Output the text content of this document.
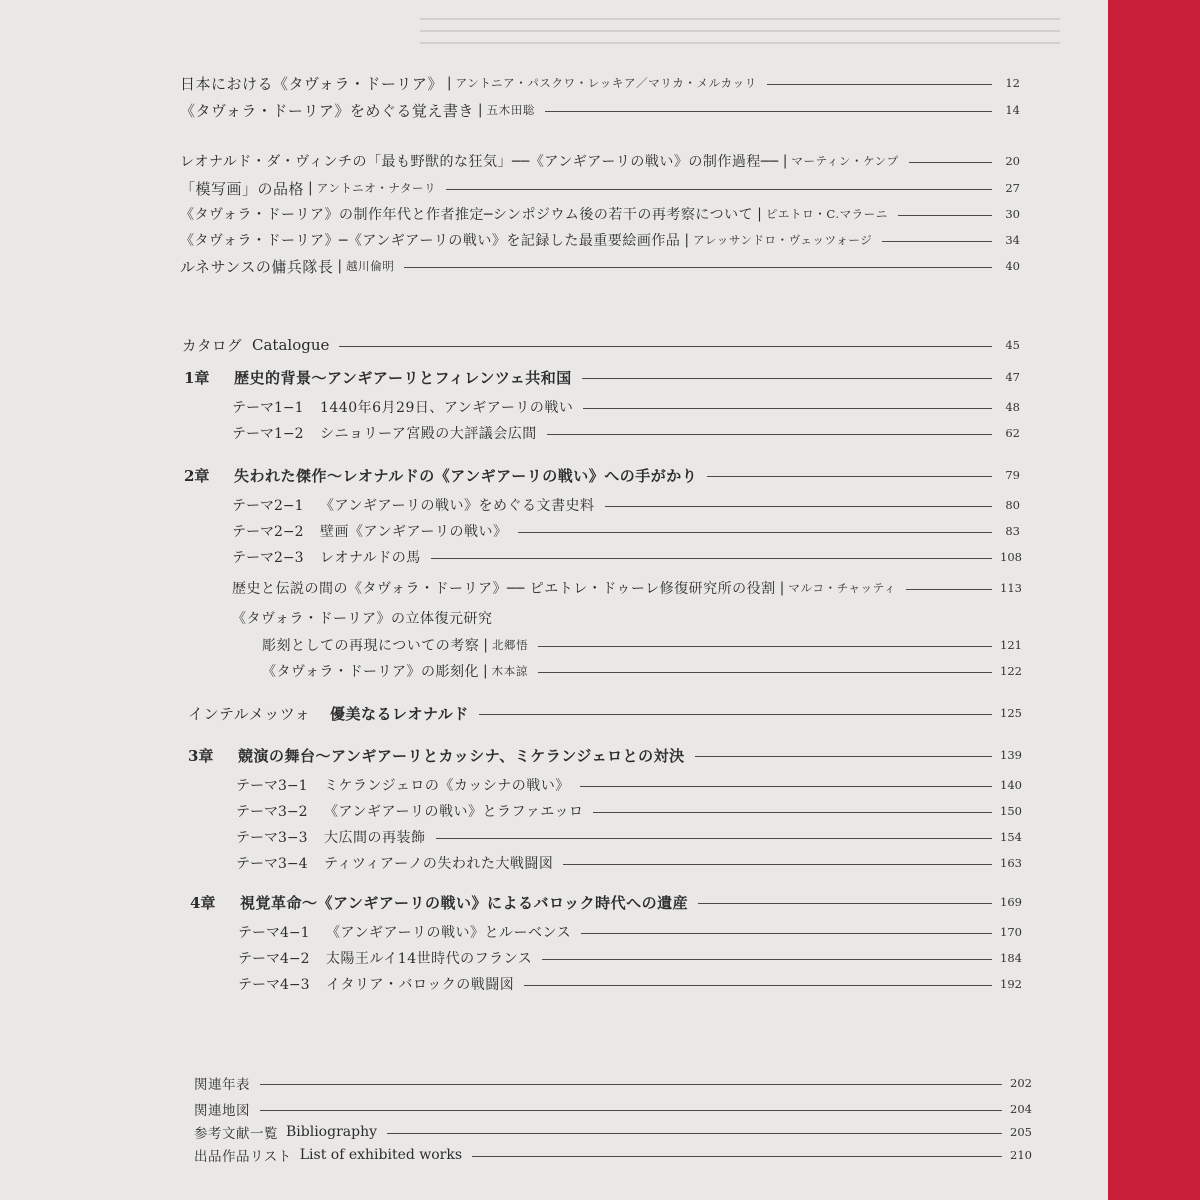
日本における《タヴォラ・ドーリア》 | アントニア・パスクワ・レッキア／マリカ・メルカッリ	12
《タヴォラ・ドーリア》をめぐる覚え書き | 五木田聡	14
レオナルド・ダ・ヴィンチの「最も野獣的な狂気」──《アンギアーリの戦い》の制作過程── | マーティン・ケンプ	20
「模写画」の品格 | アントニオ・ナターリ	27
《タヴォラ・ドーリア》の制作年代と作者推定─シンポジウム後の若干の再考察について | ピエトロ・C.マラーニ	30
《タヴォラ・ドーリア》─《アンギアーリの戦い》を記録した最重要絵画作品 | アレッサンドロ・ヴェッツォージ	34
ルネサンスの傭兵隊長 | 越川倫明	40
カタログ Catalogue	45
1章	歴史的背景〜アンギアーリとフィレンツェ共和国	47
テーマ1−1	1440年6月29日、アンギアーリの戦い	48
テーマ1−2	シニョリーア宮殿の大評議会広間	62
2章	失われた傑作〜レオナルドの《アンギアーリの戦い》への手がかり	79
テーマ2−1	《アンギアーリの戦い》をめぐる文書史料	80
テーマ2−2	壁画《アンギアーリの戦い》	83
テーマ2−3	レオナルドの馬	108
歴史と伝説の間の《タヴォラ・ドーリア》── ピエトレ・ドゥーレ修復研究所の役割 | マルコ・チャッティ	113
《タヴォラ・ドーリア》の立体復元研究
彫刻としての再現についての考察 | 北郷悟	121
《タヴォラ・ドーリア》の彫刻化 | 木本諒	122
インテルメッツォ	優美なるレオナルド	125
3章	競演の舞台〜アンギアーリとカッシナ、ミケランジェロとの対決	139
テーマ3−1	ミケランジェロの《カッシナの戦い》	140
テーマ3−2	《アンギアーリの戦い》とラファエッロ	150
テーマ3−3	大広間の再装飾	154
テーマ3−4	ティツィアーノの失われた大戦闘図	163
4章	視覚革命〜《アンギアーリの戦い》によるバロック時代への遺産	169
テーマ4−1	《アンギアーリの戦い》とルーベンス	170
テーマ4−2	太陽王ルイ14世時代のフランス	184
テーマ4−3	イタリア・バロックの戦闘図	192
関連年表	202
関連地図	204
参考文献一覧 Bibliography	205
出品作品リスト List of exhibited works	210
